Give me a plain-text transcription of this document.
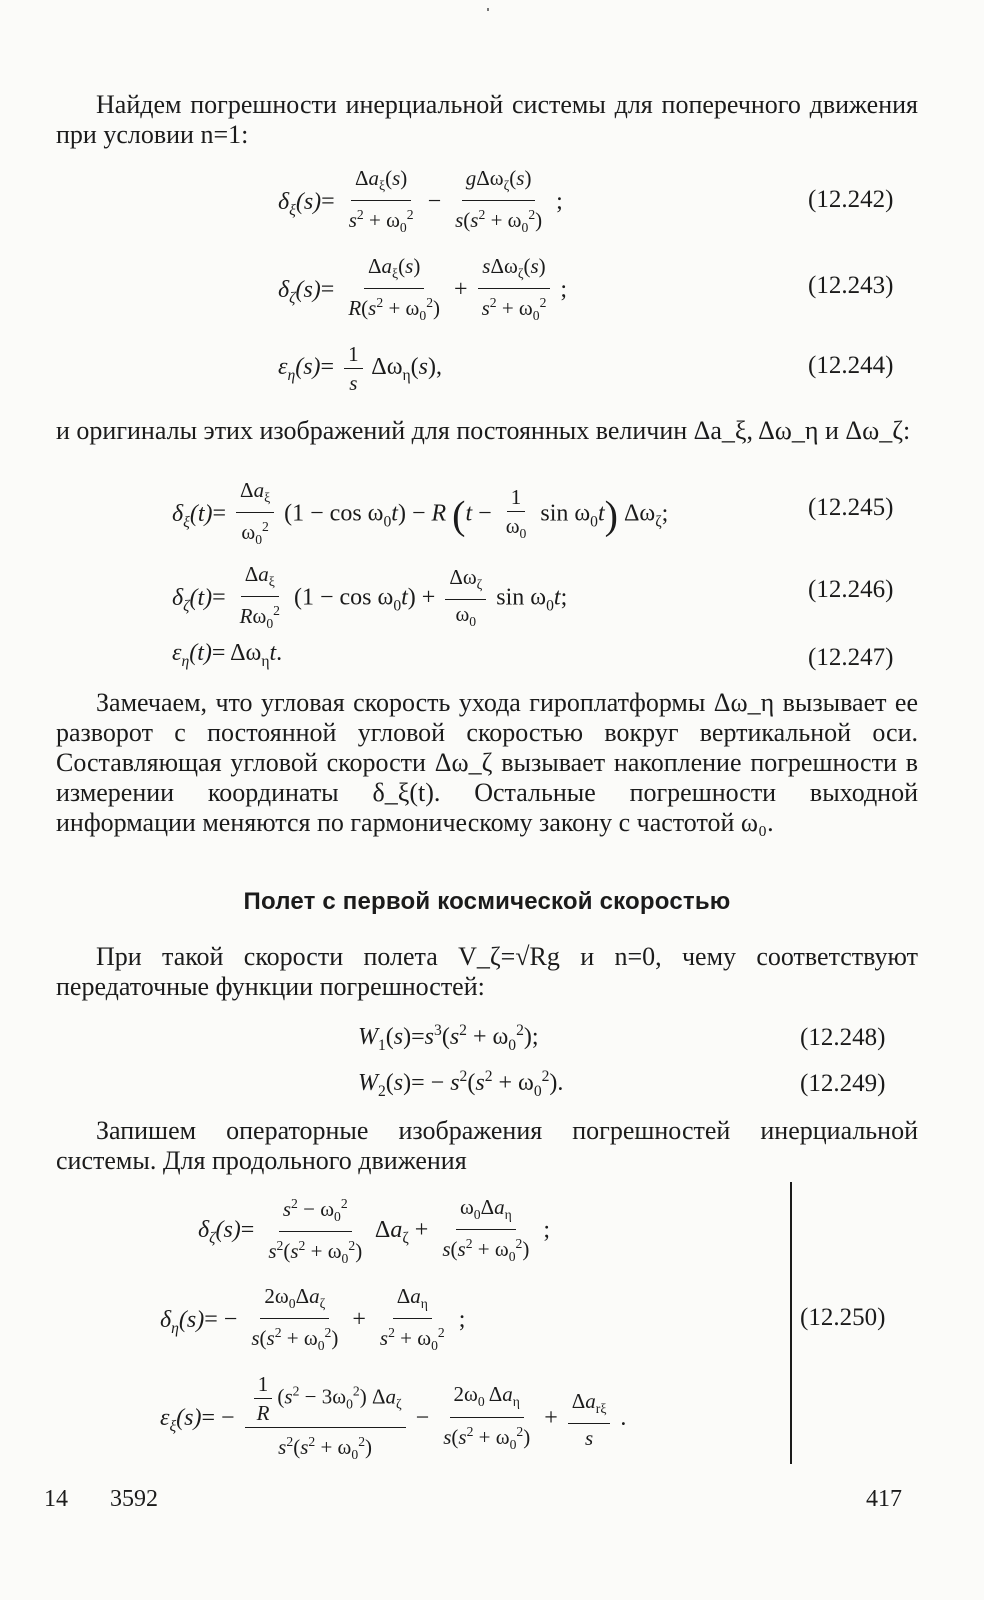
Найдем погрешности инерциальной системы для поперечного движения при условии n=1:

$\delta_\xi(s)= \frac{\Delta a_\xi(s)}{s^2 + \omega_0^2} - \frac{g\Delta\omega_\zeta(s)}{s(s^2 + \omega_0^2)}$ ;	(12.242)
$\delta_\zeta(s)= \frac{\Delta a_\xi(s)}{R(s^2 + \omega_0^2)} + \frac{s\Delta\omega_\zeta(s)}{s^2 + \omega_0^2}$ ;	(12.243)
$\varepsilon_\eta(s)= \frac{1}{s} \Delta\omega_\eta(s)$,	(12.244)

и оригиналы этих изображений для постоянных величин Δa_ξ, Δω_η и Δω_ζ:

$\delta_\xi(t)= \frac{\Delta a_\xi}{\omega_0^2} (1 - \cos \omega_0t) - R$ ($t - \frac{1}{\omega_0}$ $\sin \omega_0t$) $\Delta\omega_\zeta$;	(12.245)
$\delta_\zeta(t)= \frac{\Delta a_\xi}{R\omega_0^2} (1 - \cos \omega_0t) + \frac{\Delta\omega_\zeta}{\omega_0}$ $\sin \omega_0t$;	(12.246)
$\varepsilon_\eta(t)= \Delta\omega_\eta t$.	(12.247)

Замечаем, что угловая скорость ухода гироплатформы Δω_η вызывает ее разворот с постоянной угловой скоростью вокруг вертикальной оси. Составляющая угловой скорости Δω_ζ вызывает накопление погрешности в измерении координаты δ_ξ(t). Остальные погрешности выходной информации меняются по гармоническому закону с частотой ω₀.

Полет с первой космической скоростью

При такой скорости полета V_ζ=√Rg и n=0, чему соответствуют передаточные функции погрешностей:

$W_1(s)=s^3(s^2 + \omega_0^2)$;	(12.248)
$W_2(s)= - s^2(s^2 + \omega_0^2)$.	(12.249)

Запишем операторные изображения погрешностей инерциальной системы. Для продольного движения

$\delta_\zeta(s)= \frac{s^2 - \omega_0^2}{s^2(s^2 + \omega_0^2)} \Delta a_\zeta + \frac{\omega_0\Delta a_\eta}{s(s^2 + \omega_0^2)}$ ;
$\delta_\eta(s)= - \frac{2\omega_0\Delta a_\zeta}{s(s^2 + \omega_0^2)} + \frac{\Delta a_\eta}{s^2 + \omega_0^2}$ ;
$\varepsilon_\xi(s)= - \frac{\frac{1}{R} (s^2 - 3\omega_0^2) \Delta a_\zeta}{s^2(s^2 + \omega_0^2)} - \frac{2\omega_0 \Delta a_\eta}{s(s^2 + \omega_0^2)} + \frac{\Delta a_{r\xi}}{s}$ .
(12.250)
14 3592	417
